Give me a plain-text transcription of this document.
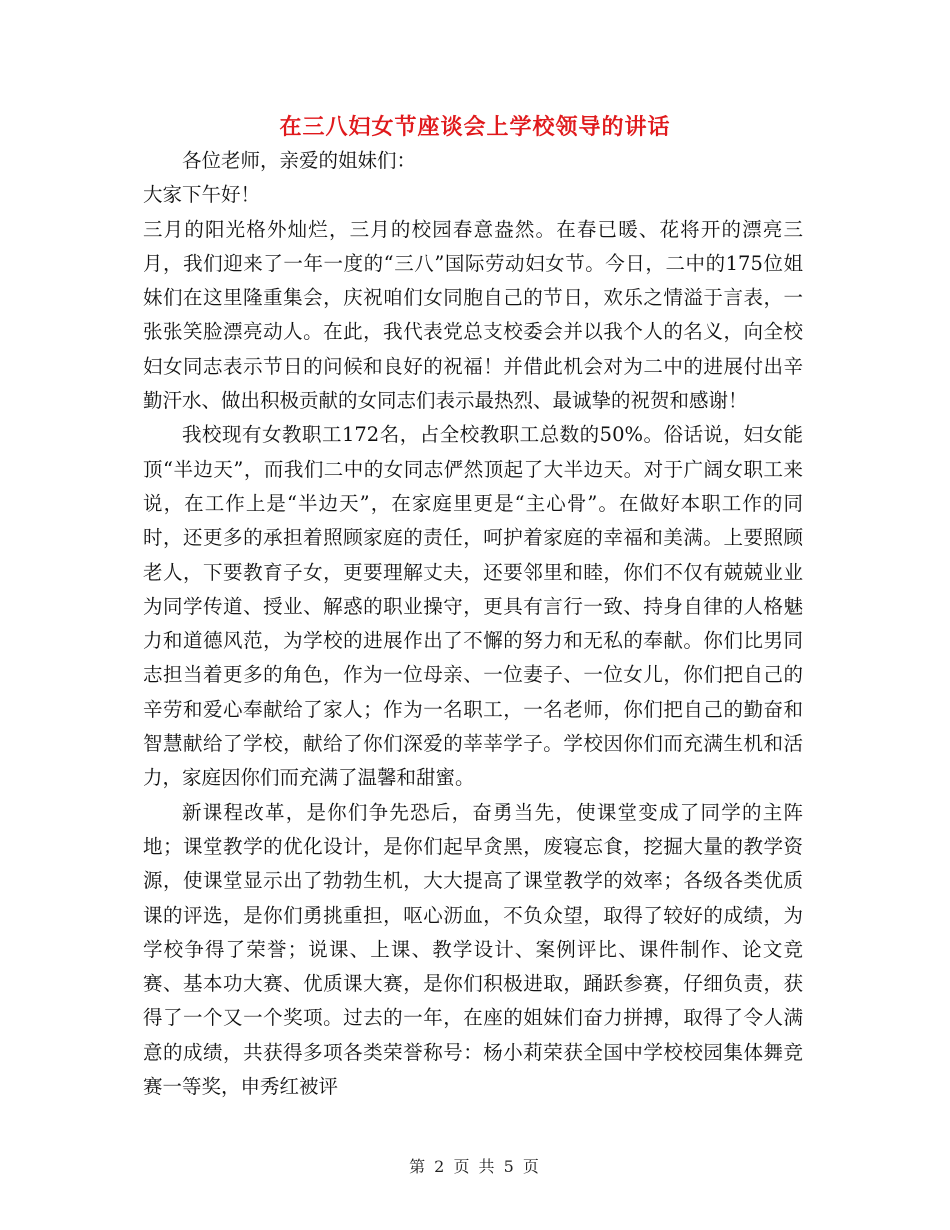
在三八妇女节座谈会上学校领导的讲话

各位老师，亲爱的姐妹们：

大家下午好！

三月的阳光格外灿烂，三月的校园春意盎然。在春已暖、花将开的漂亮三月，我们迎来了一年一度的“三八”国际劳动妇女节。今日，二中的175位姐妹们在这里隆重集会，庆祝咱们女同胞自己的节日，欢乐之情溢于言表，一张张笑脸漂亮动人。在此，我代表党总支校委会并以我个人的名义，向全校妇女同志表示节日的问候和良好的祝福！并借此机会对为二中的进展付出辛勤汗水、做出积极贡献的女同志们表示最热烈、最诚挚的祝贺和感谢！

我校现有女教职工172名，占全校教职工总数的50%。俗话说，妇女能顶“半边天”，而我们二中的女同志俨然顶起了大半边天。对于广阔女职工来说，在工作上是“半边天”，在家庭里更是“主心骨”。在做好本职工作的同时，还更多的承担着照顾家庭的责任，呵护着家庭的幸福和美满。上要照顾老人，下要教育子女，更要理解丈夫，还要邻里和睦，你们不仅有兢兢业业为同学传道、授业、解惑的职业操守，更具有言行一致、持身自律的人格魅力和道德风范，为学校的进展作出了不懈的努力和无私的奉献。你们比男同志担当着更多的角色，作为一位母亲、一位妻子、一位女儿，你们把自己的辛劳和爱心奉献给了家人；作为一名职工，一名老师，你们把自己的勤奋和智慧献给了学校，献给了你们深爱的莘莘学子。学校因你们而充满生机和活力，家庭因你们而充满了温馨和甜蜜。

新课程改革，是你们争先恐后，奋勇当先，使课堂变成了同学的主阵地；课堂教学的优化设计，是你们起早贪黑，废寝忘食，挖掘大量的教学资源，使课堂显示出了勃勃生机，大大提高了课堂教学的效率；各级各类优质课的评选，是你们勇挑重担，呕心沥血，不负众望，取得了较好的成绩，为学校争得了荣誉；说课、上课、教学设计、案例评比、课件制作、论文竞赛、基本功大赛、优质课大赛，是你们积极进取，踊跃参赛，仔细负责，获得了一个又一个奖项。过去的一年，在座的姐妹们奋力拼搏，取得了令人满意的成绩，共获得多项各类荣誉称号：杨小莉荣获全国中学校校园集体舞竞赛一等奖，申秀红被评

第 2 页 共 5 页
